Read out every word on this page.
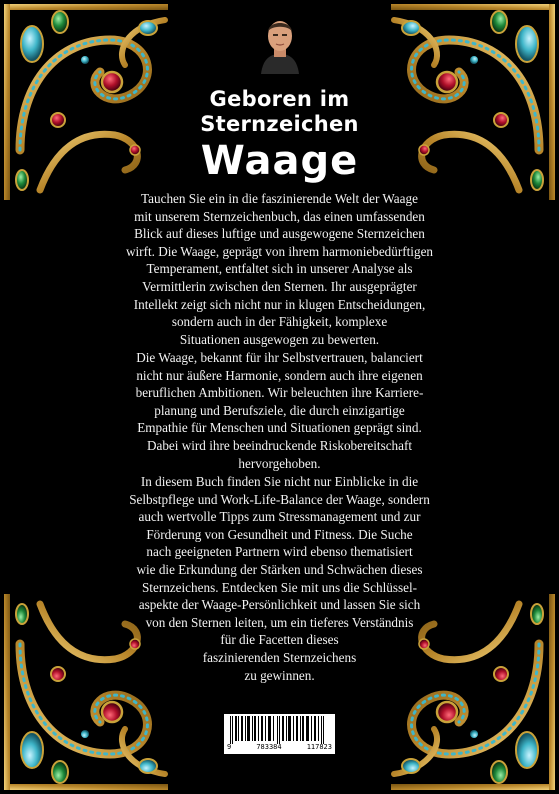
Geboren im
Sternzeichen
Waage

Tauchen Sie ein in die faszinierende Welt der Waage
mit unserem Sternzeichenbuch, das einen umfassenden
Blick auf dieses luftige und ausgewogene Sternzeichen
wirft. Die Waage, geprägt von ihrem harmoniebedürftigen
Temperament, entfaltet sich in unserer Analyse als
Vermittlerin zwischen den Sternen. Ihr ausgeprägter
Intellekt zeigt sich nicht nur in klugen Entscheidungen,
sondern auch in der Fähigkeit, komplexe
Situationen ausgewogen zu bewerten.

Die Waage, bekannt für ihr Selbstvertrauen, balanciert
nicht nur äußere Harmonie, sondern auch ihre eigenen
beruflichen Ambitionen. Wir beleuchten ihre Karriere-
planung und Berufsziele, die durch einzigartige
Empathie für Menschen und Situationen geprägt sind.
Dabei wird ihre beeindruckende Riskobereitschaft
hervorgehoben.

In diesem Buch finden Sie nicht nur Einblicke in die
Selbstpflege und Work-Life-Balance der Waage, sondern
auch wertvolle Tipps zum Stressmanagement und zur
Förderung von Gesundheit und Fitness. Die Suche
nach geeigneten Partnern wird ebenso thematisiert
wie die Erkundung der Stärken und Schwächen dieses
Sternzeichens. Entdecken Sie mit uns die Schlüssel-
aspekte der Waage-Persönlichkeit und lassen Sie sich
von den Sternen leiten, um ein tieferes Verständnis
für die Facetten dieses
faszinierenden Sternzeichens
zu gewinnen.

9	783384	117823
